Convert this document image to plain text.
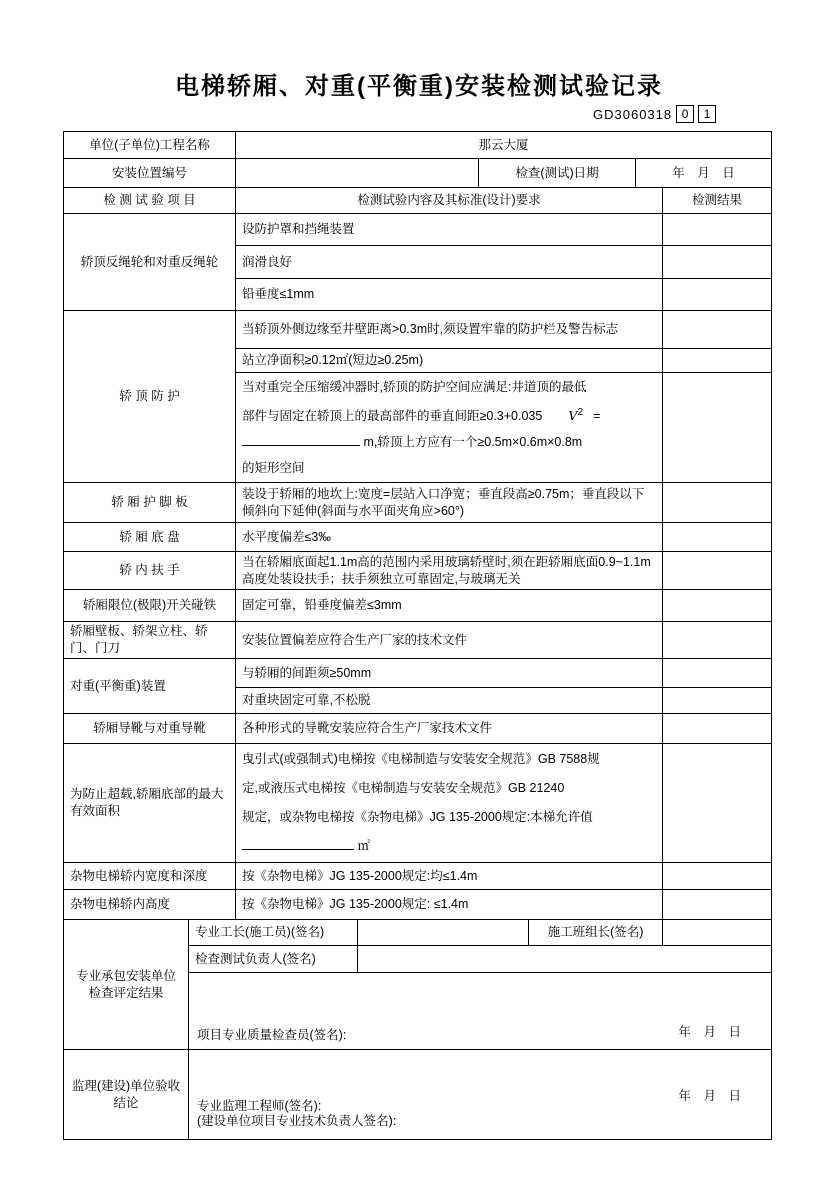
电梯轿厢、对重(平衡重)安装检测试验记录
GD3060318 0	1
单位(子单位)工程名称		那云大厦					
安装位置编号				检查(测试)日期		年　月　日	
检 测 试 验 项 目		检测试验内容及其标准(设计)要求					检测结果
轿顶反绳轮和对重反绳轮		设防护罩和挡绳装置					
		润滑良好					
		铅垂度≤1mm					
轿 顶 防 护		当轿顶外侧边缘至井壁距离>0.3m时,须设置牢靠的防护栏及警告标志					
		站立净面积≥0.12㎡(短边≥0.25m)					

		当对重完全压缩缓冲器时,轿顶的防护空间应满足:井道顶的最低
部件与固定在轿顶上的最高部件的垂直间距≥0.3+0.035 $V^2$ =
m,轿顶上方应有一个≥0.5m×0.6m×0.8m
的矩形空间					

轿 厢 护 脚 板		装设于轿厢的地坎上:宽度=层站入口净宽；垂直段高≥0.75m；垂直段以下倾斜向下延伸(斜面与水平面夹角应>60°)					
轿 厢 底 盘		水平度偏差≤3‰					
轿 内 扶 手		当在轿厢底面起1.1m高的范围内采用玻璃轿壁时,须在距轿厢底面0.9~1.1m高度处装设扶手；扶手须独立可靠固定,与玻璃无关					
轿厢限位(极限)开关碰铁		固定可靠，铅垂度偏差≤3mm					
轿厢壁板、轿架立柱、轿门、门刀		安装位置偏差应符合生产厂家的技术文件					
对重(平衡重)装置		与轿厢的间距须≥50mm					
		对重块固定可靠,不松脱					
轿厢导靴与对重导靴		各种形式的导靴安装应符合生产厂家技术文件					
为防止超载,轿厢底部的最大有效面积		曳引式(或强制式)电梯按《电梯制造与安装安全规范》GB 7588规
定,或液压式电梯按《电梯制造与安装安全规范》GB 21240
规定，或杂物电梯按《杂物电梯》JG 135-2000规定:本梯允许值
㎡					

杂物电梯轿内宽度和深度		按《杂物电梯》JG 135-2000规定:均≤1.4m					
杂物电梯轿内高度		按《杂物电梯》JG 135-2000规定: ≤1.4m					
专业承包安装单位检查评定结果	专业工长(施工员)(签名)				施工班组长(签名)		
	检查测试负责人(签名)						

	项目专业质量检查员(签名): 年　月　日						

监理(建设)单位验收结论	专业监理工程师(签名):
(建设单位项目专业技术负责人签名):
年　月　日						
